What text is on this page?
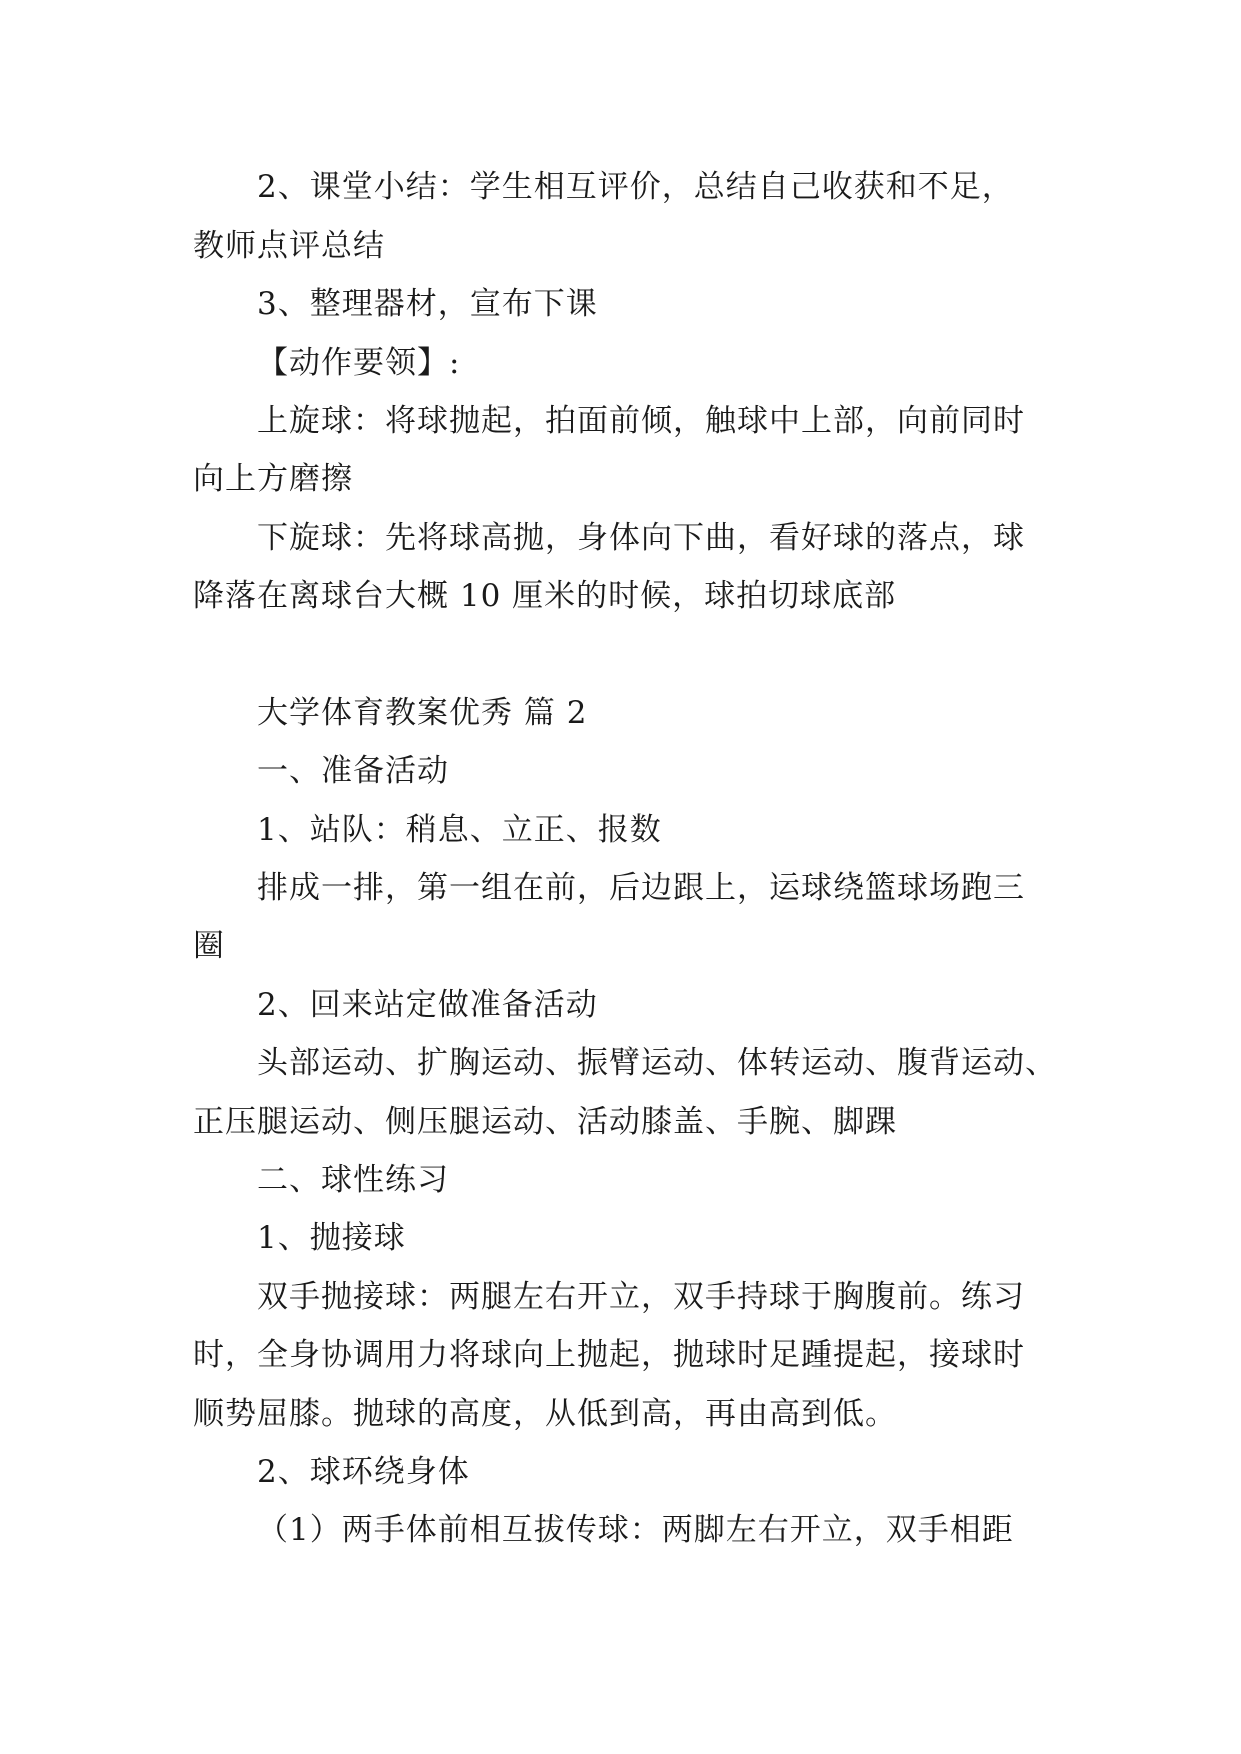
2、课堂小结：学生相互评价，总结自己收获和不足，
教师点评总结
3、整理器材，宣布下课
【动作要领】:
上旋球：将球抛起，拍面前倾，触球中上部，向前同时
向上方磨擦
下旋球：先将球高抛，身体向下曲，看好球的落点，球
降落在离球台大概 10 厘米的时候，球拍切球底部
大学体育教案优秀 篇 2
一、准备活动
1、站队：稍息、立正、报数
排成一排，第一组在前，后边跟上，运球绕篮球场跑三
圈
2、回来站定做准备活动
头部运动、扩胸运动、振臂运动、体转运动、腹背运动、
正压腿运动、侧压腿运动、活动膝盖、手腕、脚踝
二、球性练习
1、抛接球
双手抛接球：两腿左右开立，双手持球于胸腹前。练习
时，全身协调用力将球向上抛起，抛球时足踵提起，接球时
顺势屈膝。抛球的高度，从低到高，再由高到低。
2、球环绕身体
（1）两手体前相互拔传球：两脚左右开立，双手相距
